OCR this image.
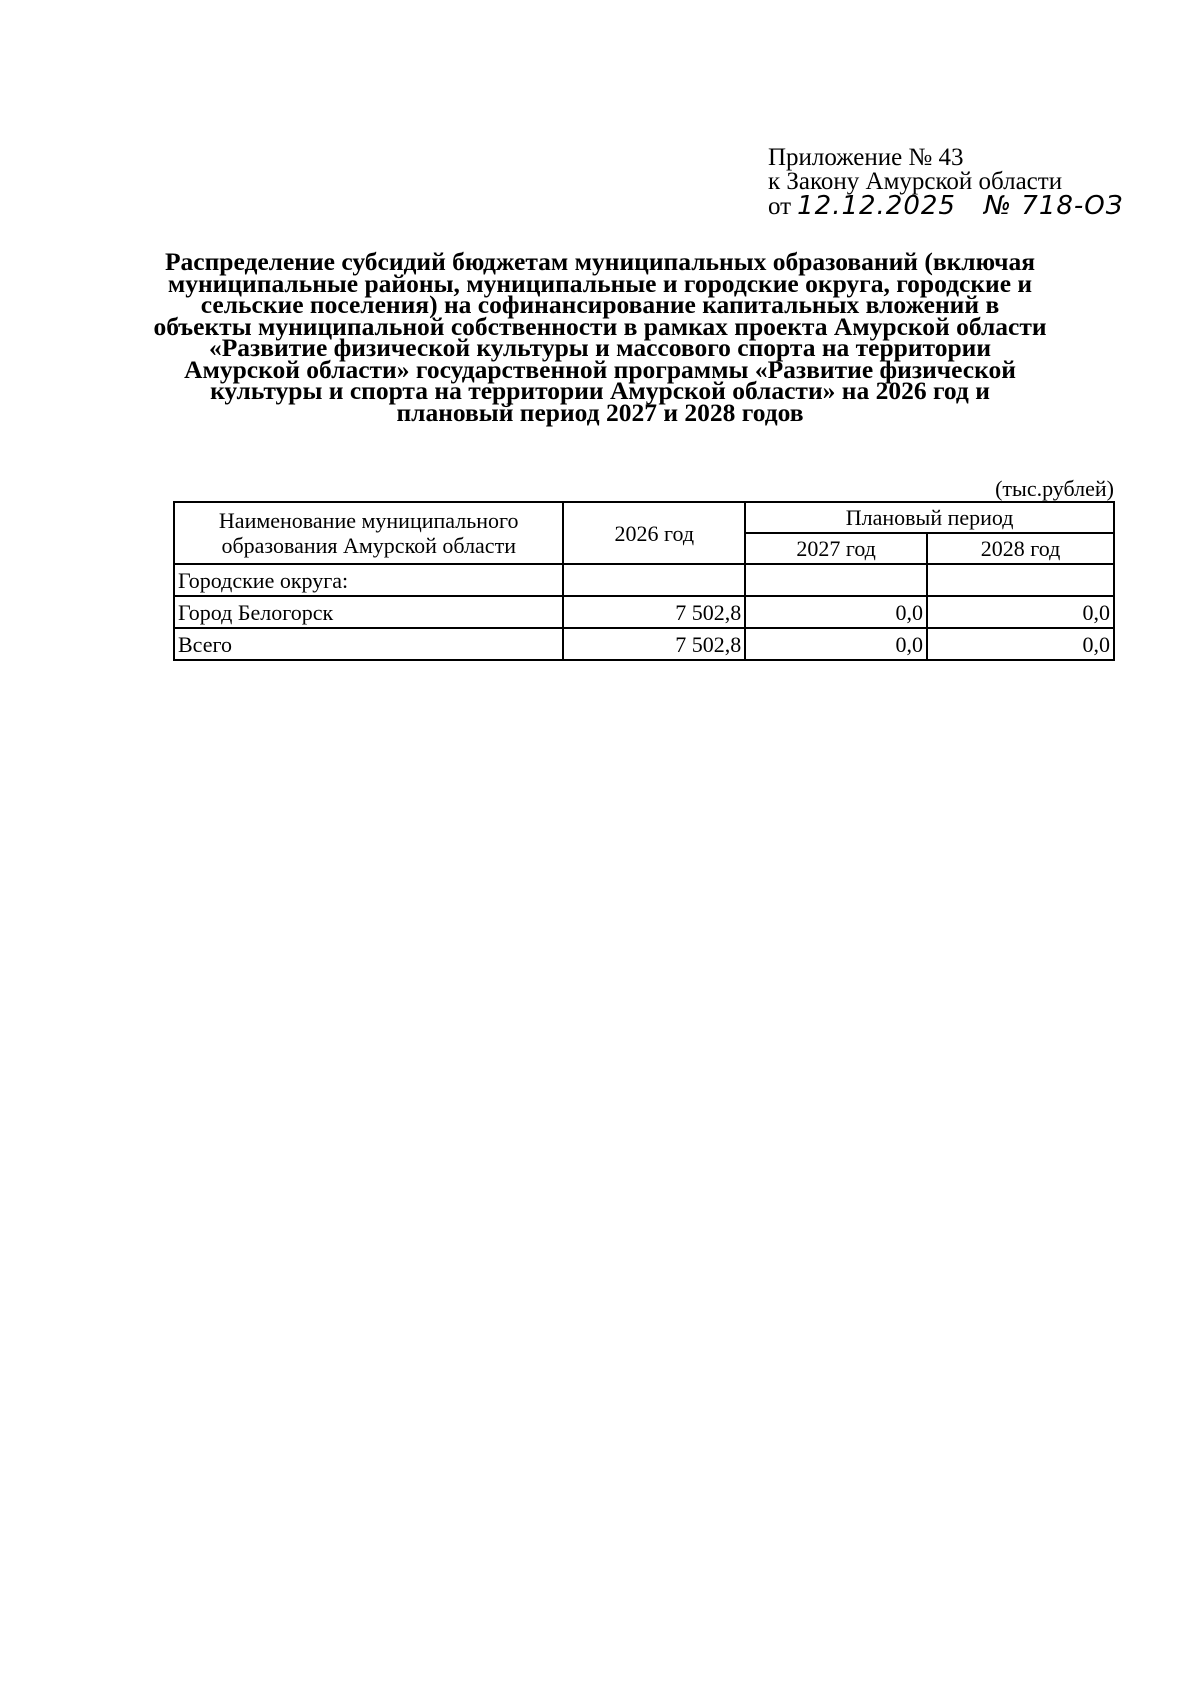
Приложение № 43
к Закону Амурской области
от 12.12.2025 № 718-ОЗ
Распределение субсидий бюджетам муниципальных образований (включая муниципальные районы, муниципальные и городские округа, городские и сельские поселения) на софинансирование капитальных вложений в объекты муниципальной собственности в рамках проекта Амурской области «Развитие физической культуры и массового спорта на территории Амурской области» государственной программы «Развитие физической культуры и спорта на территории Амурской области» на 2026 год и плановый период 2027 и 2028 годов
(тыс.рублей)
Наименование муниципального образования Амурской области	2026 год	Плановый период	
		2027 год	2028 год
Городские округа:			
Город Белогорск	7 502,8	0,0	0,0
Всего	7 502,8	0,0	0,0
